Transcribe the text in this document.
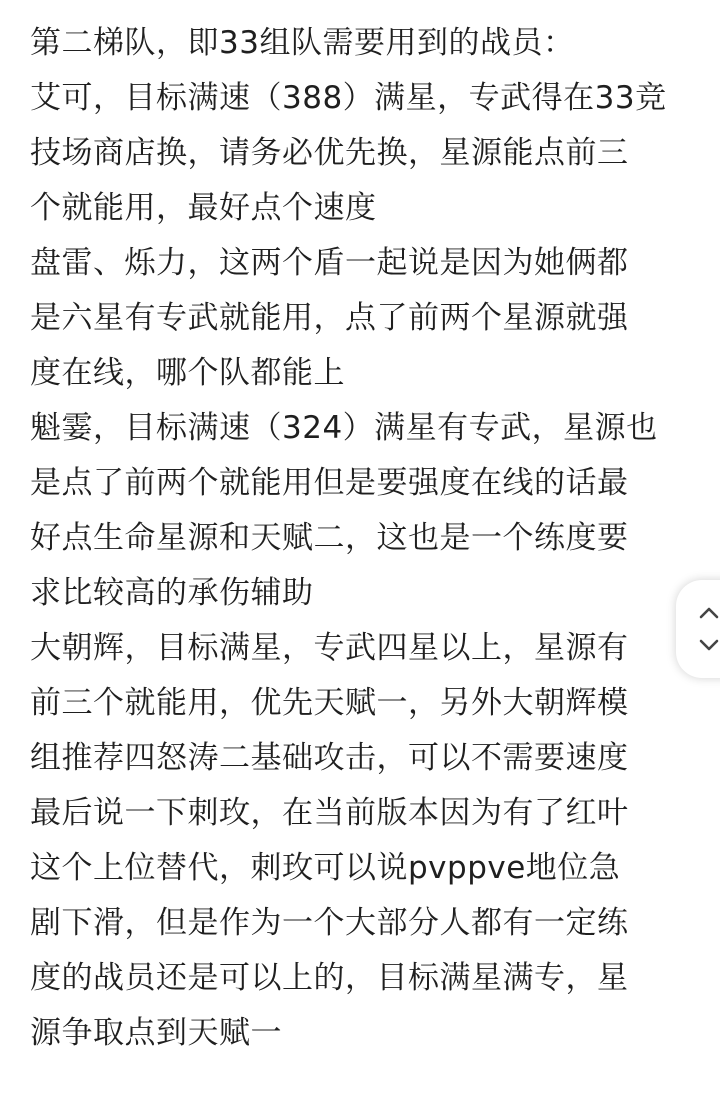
第二梯队，即33组队需要用到的战员：
艾可，目标满速（388）满星，专武得在33竞
技场商店换，请务必优先换，星源能点前三
个就能用，最好点个速度
盘雷、烁力，这两个盾一起说是因为她俩都
是六星有专武就能用，点了前两个星源就强
度在线，哪个队都能上
魁霎，目标满速（324）满星有专武，星源也
是点了前两个就能用但是要强度在线的话最
好点生命星源和天赋二，这也是一个练度要
求比较高的承伤辅助
大朝辉，目标满星，专武四星以上，星源有
前三个就能用，优先天赋一，另外大朝辉模
组推荐四怒涛二基础攻击，可以不需要速度
最后说一下刺玫，在当前版本因为有了红叶
这个上位替代，刺玫可以说pvppve地位急
剧下滑，但是作为一个大部分人都有一定练
度的战员还是可以上的，目标满星满专，星
源争取点到天赋一
